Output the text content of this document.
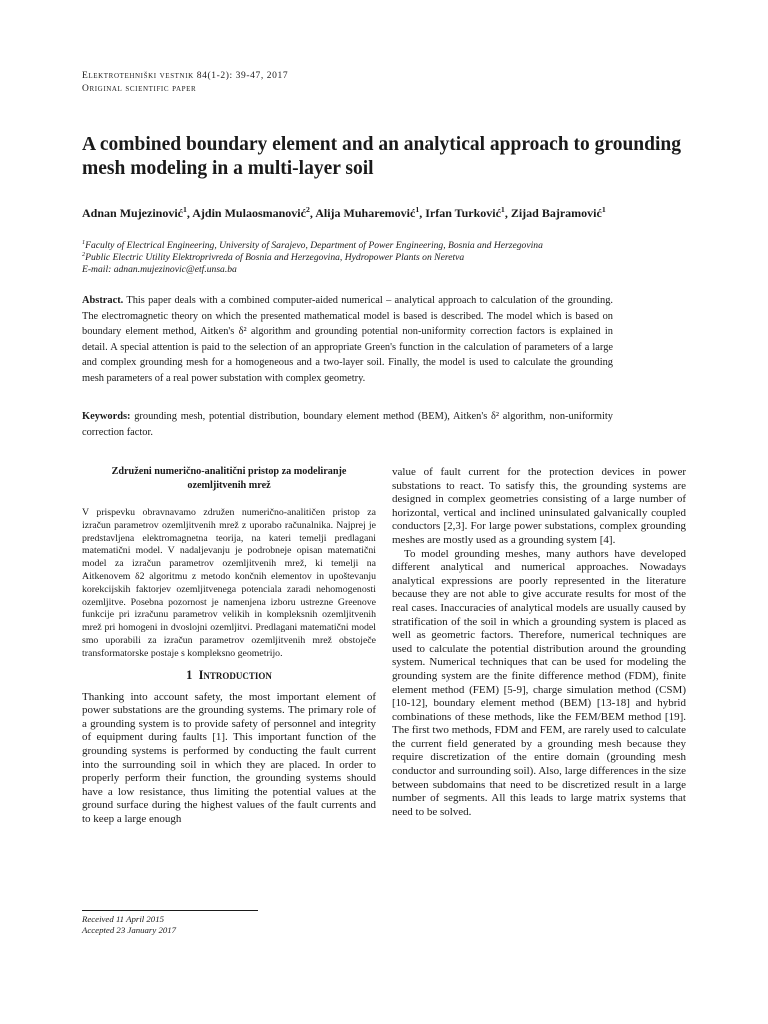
Elektrotehniški vestnik 84(1-2): 39-47, 2017
Original scientific paper
A combined boundary element and an analytical approach to grounding mesh modeling in a multi-layer soil
Adnan Mujezinović$^1$, Ajdin Mulaosmanović$^2$, Alija Muharemović$^1$, Irfan Turković$^1$, Zijad Bajramović$^1$
$^1$Faculty of Electrical Engineering, University of Sarajevo, Department of Power Engineering, Bosnia and Herzegovina
$^2$Public Electric Utility Elektroprivreda of Bosnia and Herzegovina, Hydropower Plants on Neretva
E-mail: adnan.mujezinovic@etf.unsa.ba

Abstract. This paper deals with a combined computer-aided numerical – analytical approach to calculation of the grounding. The electromagnetic theory on which the presented mathematical model is based is described. The model which is based on boundary element method, Aitken's δ² algorithm and grounding potential non-uniformity correction factors is explained in detail. A special attention is paid to the selection of an appropriate Green's function in the calculation of parameters of a large and complex grounding mesh for a homogeneous and a two-layer soil. Finally, the model is used to calculate the grounding mesh parameters of a real power substation with complex geometry.

Keywords: grounding mesh, potential distribution, boundary element method (BEM), Aitken's δ² algorithm, non-uniformity correction factor.

Združeni numerično-analitični pristop za modeliranje ozemljitvenih mrež

V prispevku obravnavamo združen numerično-analitičen pristop za izračun parametrov ozemljitvenih mrež z uporabo računalnika. Najprej je predstavljena elektromagnetna teorija, na kateri temelji predlagani matematični model. V nadaljevanju je podrobneje opisan matematični model za izračun parametrov ozemljitvenih mrež, ki temelji na Aitkenovem δ2 algoritmu z metodo končnih elementov in upoštevanju korekcijskih faktorjev ozemljitvenega potenciala zaradi nehomogenosti ozemljitve. Posebna pozornost je namenjena izboru ustrezne Greenove funkcije pri izračunu parametrov velikih in kompleksnih ozemljitvenih mrež pri homogeni in dvoslojni ozemljitvi. Predlagani matematični model smo uporabili za izračun parametrov ozemljitvenih mrež obstoječe transformatorske postaje s kompleksno geometrijo.

1 Introduction

Thanking into account safety, the most important element of power substations are the grounding systems. The primary role of a grounding system is to provide safety of personnel and integrity of equipment during faults [1]. This important function of the grounding systems is performed by conducting the fault current into the surrounding soil in which they are placed. In order to properly perform their function, the grounding systems should have a low resistance, thus limiting the potential values at the ground surface during the highest values of the fault currents and to keep a large enough

value of fault current for the protection devices in power substations to react. To satisfy this, the grounding systems are designed in complex geometries consisting of a large number of horizontal, vertical and inclined uninsulated galvanically coupled conductors [2,3]. For large power substations, complex grounding meshes are mostly used as a grounding system [4].

To model grounding meshes, many authors have developed different analytical and numerical approaches. Nowadays analytical expressions are poorly represented in the literature because they are not able to give accurate results for most of the real cases. Inaccuracies of analytical models are usually caused by stratification of the soil in which a grounding system is placed as well as geometric factors. Therefore, numerical techniques are used to calculate the potential distribution around the grounding system. Numerical techniques that can be used for modeling the grounding system are the finite difference method (FDM), finite element method (FEM) [5-9], charge simulation method (CSM) [10-12], boundary element method (BEM) [13-18] and hybrid combinations of these methods, like the FEM/BEM method [19]. The first two methods, FDM and FEM, are rarely used to calculate the current field generated by a grounding mesh because they require discretization of the entire domain (grounding mesh conductor and surrounding soil). Also, large differences in the size between subdomains that need to be discretized result in a large number of segments. All this leads to large matrix systems that need to be solved.

Received 11 April 2015
Accepted 23 January 2017
